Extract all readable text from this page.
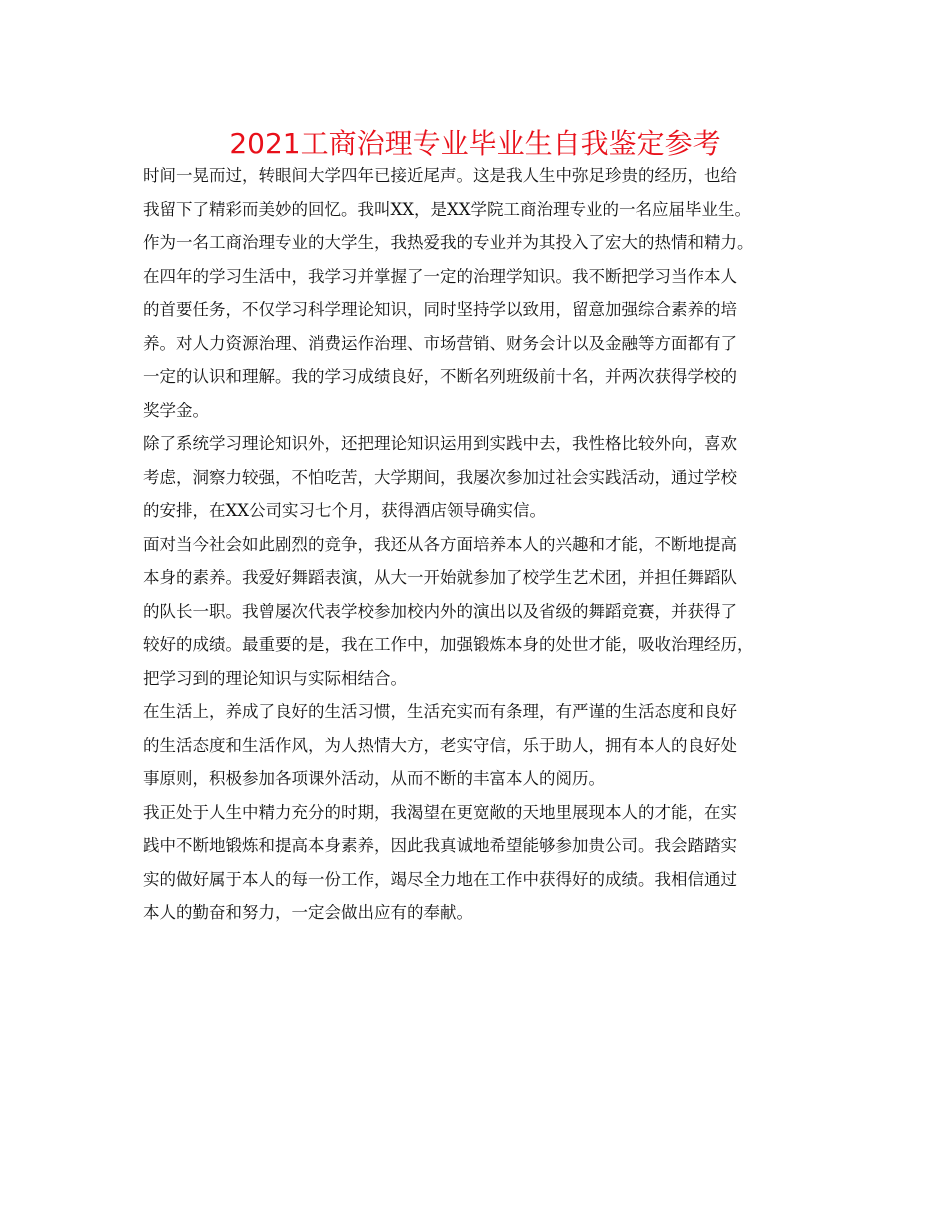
2021工商治理专业毕业生自我鉴定参考
时间一晃而过，转眼间大学四年已接近尾声。这是我人生中弥足珍贵的经历，也给
我留下了精彩而美妙的回忆。我叫XX，是XX学院工商治理专业的一名应届毕业生。
作为一名工商治理专业的大学生，我热爱我的专业并为其投入了宏大的热情和精力。
在四年的学习生活中，我学习并掌握了一定的治理学知识。我不断把学习当作本人
的首要任务，不仅学习科学理论知识，同时坚持学以致用，留意加强综合素养的培
养。对人力资源治理、消费运作治理、市场营销、财务会计以及金融等方面都有了
一定的认识和理解。我的学习成绩良好，不断名列班级前十名，并两次获得学校的
奖学金。
除了系统学习理论知识外，还把理论知识运用到实践中去，我性格比较外向，喜欢
考虑，洞察力较强，不怕吃苦，大学期间，我屡次参加过社会实践活动，通过学校
的安排，在XX公司实习七个月，获得酒店领导确实信。
面对当今社会如此剧烈的竞争，我还从各方面培养本人的兴趣和才能，不断地提高
本身的素养。我爱好舞蹈表演，从大一开始就参加了校学生艺术团，并担任舞蹈队
的队长一职。我曾屡次代表学校参加校内外的演出以及省级的舞蹈竞赛，并获得了
较好的成绩。最重要的是，我在工作中，加强锻炼本身的处世才能，吸收治理经历，
把学习到的理论知识与实际相结合。
在生活上，养成了良好的生活习惯，生活充实而有条理，有严谨的生活态度和良好
的生活态度和生活作风，为人热情大方，老实守信，乐于助人，拥有本人的良好处
事原则，积极参加各项课外活动，从而不断的丰富本人的阅历。
我正处于人生中精力充分的时期，我渴望在更宽敞的天地里展现本人的才能，在实
践中不断地锻炼和提高本身素养，因此我真诚地希望能够参加贵公司。我会踏踏实
实的做好属于本人的每一份工作，竭尽全力地在工作中获得好的成绩。我相信通过
本人的勤奋和努力，一定会做出应有的奉献。
